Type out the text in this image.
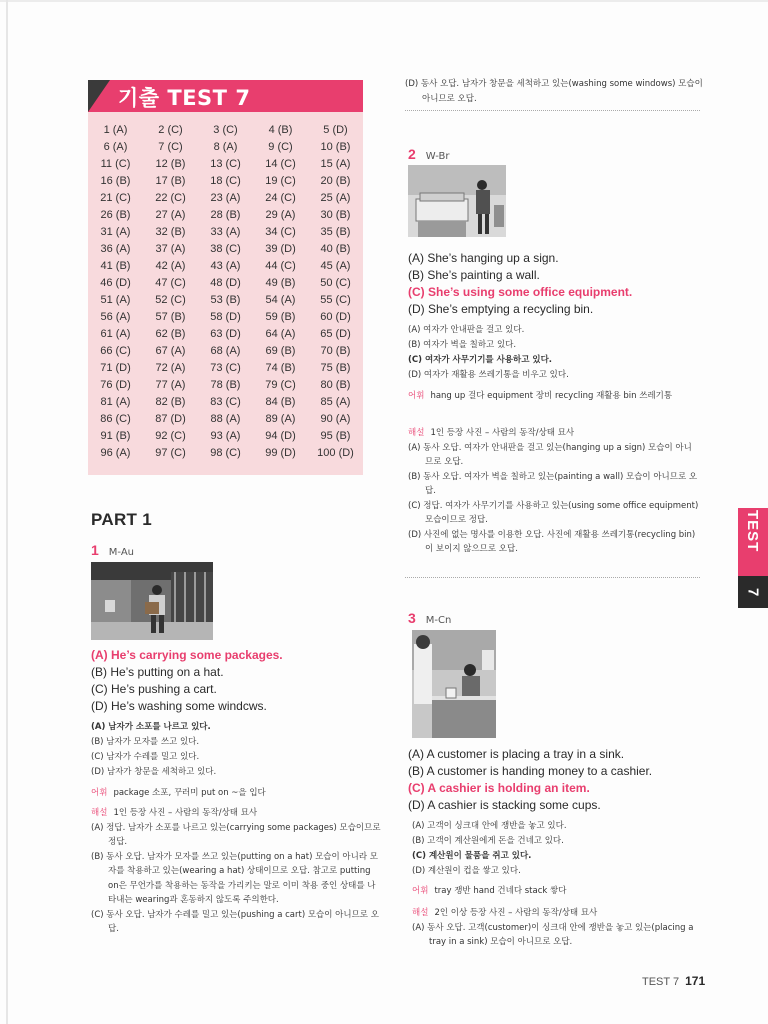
기출 TEST 7
1 (A)	2 (C)	3 (C)	4 (B)	5 (D)
6 (A)	7 (C)	8 (A)	9 (C)	10 (B)
11 (C)	12 (B)	13 (C)	14 (C)	15 (A)
16 (B)	17 (B)	18 (C)	19 (C)	20 (B)
21 (C)	22 (C)	23 (A)	24 (C)	25 (A)
26 (B)	27 (A)	28 (B)	29 (A)	30 (B)
31 (A)	32 (B)	33 (A)	34 (C)	35 (B)
36 (A)	37 (A)	38 (C)	39 (D)	40 (B)
41 (B)	42 (A)	43 (A)	44 (C)	45 (A)
46 (D)	47 (C)	48 (D)	49 (B)	50 (C)
51 (A)	52 (C)	53 (B)	54 (A)	55 (C)
56 (A)	57 (B)	58 (D)	59 (B)	60 (D)
61 (A)	62 (B)	63 (D)	64 (A)	65 (D)
66 (C)	67 (A)	68 (A)	69 (B)	70 (B)
71 (D)	72 (A)	73 (C)	74 (B)	75 (B)
76 (D)	77 (A)	78 (B)	79 (C)	80 (B)
81 (A)	82 (B)	83 (C)	84 (B)	85 (A)
86 (C)	87 (D)	88 (A)	89 (A)	90 (A)
91 (B)	92 (C)	93 (A)	94 (D)	95 (B)
96 (A)	97 (C)	98 (C)	99 (D)	100 (D)
(D) 동사 오답. 남자가 창문을 세척하고 있는(washing some windows) 모습이 아니므로 오답.
PART 1
1 M-Au
(A) He’s carrying some packages.
(B) He’s putting on a hat.
(C) He’s pushing a cart.
(D) He’s washing some windcws.
(A) 남자가 소포를 나르고 있다.
(B) 남자가 모자를 쓰고 있다.
(C) 남자가 수레를 밀고 있다.
(D) 남자가 창문을 세척하고 있다.
어휘 package 소포, 꾸러미 put on ~을 입다
해설 1인 등장 사진 – 사람의 동작/상태 묘사
(A) 정답. 남자가 소포를 나르고 있는(carrying some packages) 모습이므로 정답.
(B) 동사 오답. 남자가 모자를 쓰고 있는(putting on a hat) 모습이 아니라 모자를 착용하고 있는(wearing a hat) 상태이므로 오답. 참고로 putting on은 무언가를 착용하는 동작을 가리키는 말로 이미 착용 중인 상태를 나타내는 wearing과 혼동하지 않도록 주의한다.
(C) 동사 오답. 남자가 수레를 밀고 있는(pushing a cart) 모습이 아니므로 오답.
2 W-Br
(A) She’s hanging up a sign.
(B) She’s painting a wall.
(C) She’s using some office equipment.
(D) She’s emptying a recycling bin.
(A) 여자가 안내판을 걸고 있다.
(B) 여자가 벽을 칠하고 있다.
(C) 여자가 사무기기를 사용하고 있다.
(D) 여자가 재활용 쓰레기통을 비우고 있다.
어휘 hang up 걸다 equipment 장비 recycling 재활용 bin 쓰레기통
해설 1인 등장 사진 – 사람의 동작/상태 묘사
(A) 동사 오답. 여자가 안내판을 걸고 있는(hanging up a sign) 모습이 아니므로 오답.
(B) 동사 오답. 여자가 벽을 칠하고 있는(painting a wall) 모습이 아니므로 오답.
(C) 정답. 여자가 사무기기를 사용하고 있는(using some office equipment) 모습이므로 정답.
(D) 사진에 없는 명사를 이용한 오답. 사진에 재활용 쓰레기통(recycling bin)이 보이지 않으므로 오답.
3 M-Cn
(A) A customer is placing a tray in a sink.
(B) A customer is handing money to a cashier.
(C) A cashier is holding an item.
(D) A cashier is stacking some cups.
(A) 고객이 싱크대 안에 쟁반을 놓고 있다.
(B) 고객이 계산원에게 돈을 건네고 있다.
(C) 계산원이 물품을 쥐고 있다.
(D) 계산원이 컵을 쌓고 있다.
어휘 tray 쟁반 hand 건네다 stack 쌓다
해설 2인 이상 등장 사진 – 사람의 동작/상태 묘사
(A) 동사 오답. 고객(customer)이 싱크대 안에 쟁반을 놓고 있는(placing a tray in a sink) 모습이 아니므로 오답.
TEST
7
TEST 7 171
